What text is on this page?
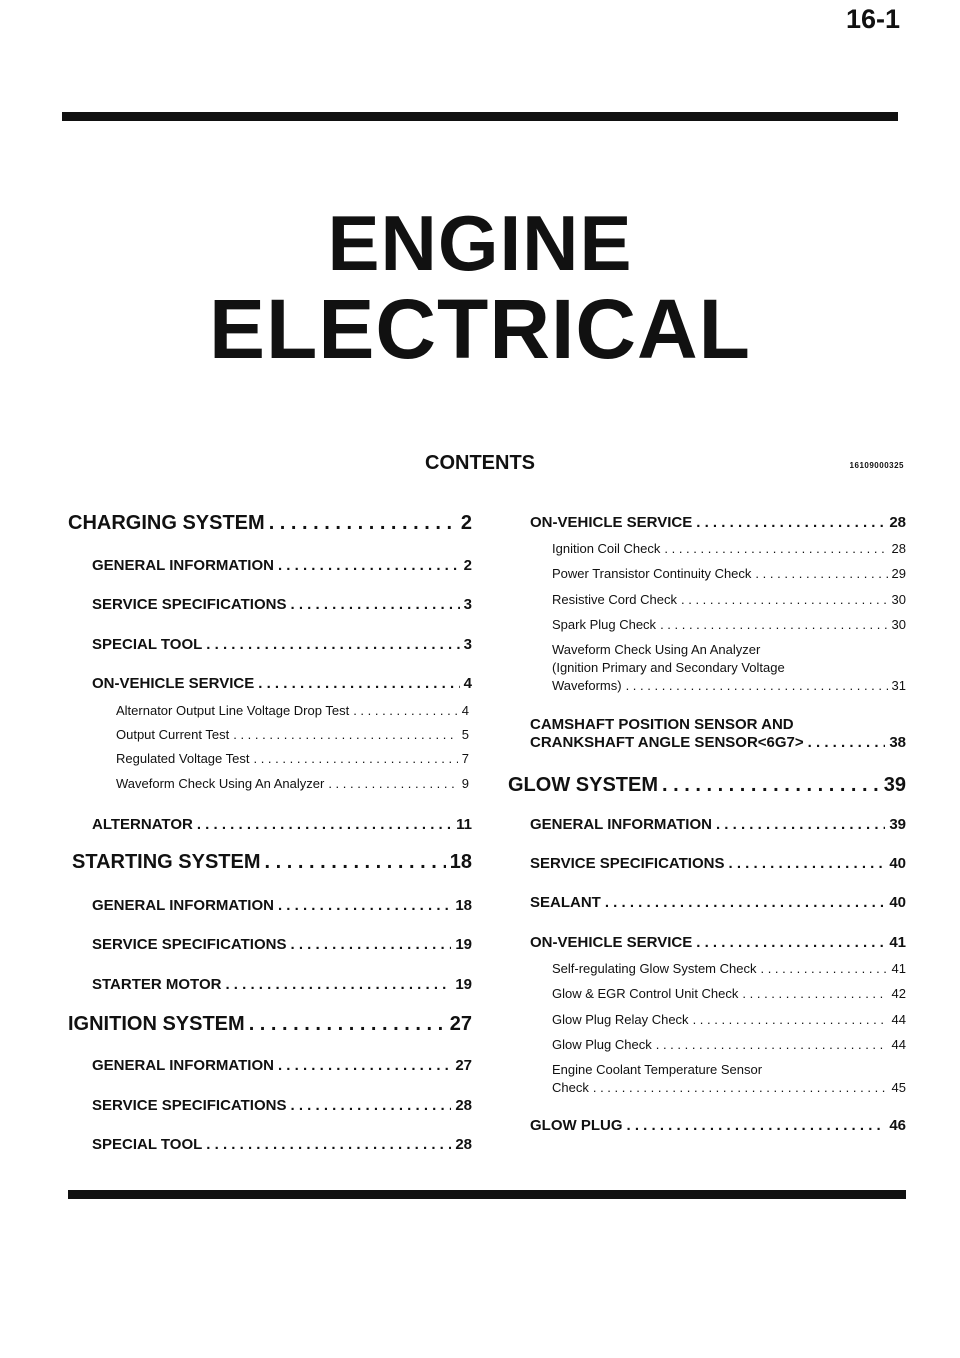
16-1
ENGINE
ELECTRICAL
CONTENTS	16109000325
CHARGING SYSTEM . . .	2
GENERAL INFORMATION . . .	2
SERVICE SPECIFICATIONS . . .	3
SPECIAL TOOL . . .	3
ON-VEHICLE SERVICE . . .	4
Alternator Output Line Voltage Drop Test . . .	4
Output Current Test . . .	5
Regulated Voltage Test . . .	7
Waveform Check Using An Analyzer . . .	9
ALTERNATOR . . .	11
STARTING SYSTEM . . .	18
GENERAL INFORMATION . . .	18
SERVICE SPECIFICATIONS . . .	19
STARTER MOTOR . . .	19
IGNITION SYSTEM . . .	27
GENERAL INFORMATION . . .	27
SERVICE SPECIFICATIONS . . .	28
SPECIAL TOOL . . .	28
ON-VEHICLE SERVICE . . .	28
Ignition Coil Check . . .	28
Power Transistor Continuity Check . . .	29
Resistive Cord Check . . .	30
Spark Plug Check . . .	30
Waveform Check Using An Analyzer
(Ignition Primary and Secondary Voltage
Waveforms) . . .	31
CAMSHAFT POSITION SENSOR AND
CRANKSHAFT ANGLE SENSOR<6G7> . . .	38
GLOW SYSTEM . . .	39
GENERAL INFORMATION . . .	39
SERVICE SPECIFICATIONS . . .	40
SEALANT . . .	40
ON-VEHICLE SERVICE . . .	41
Self-regulating Glow System Check . . .	41
Glow & EGR Control Unit Check . . .	42
Glow Plug Relay Check . . .	44
Glow Plug Check . . .	44
Engine Coolant Temperature Sensor
Check . . .	45
GLOW PLUG . . .	46
